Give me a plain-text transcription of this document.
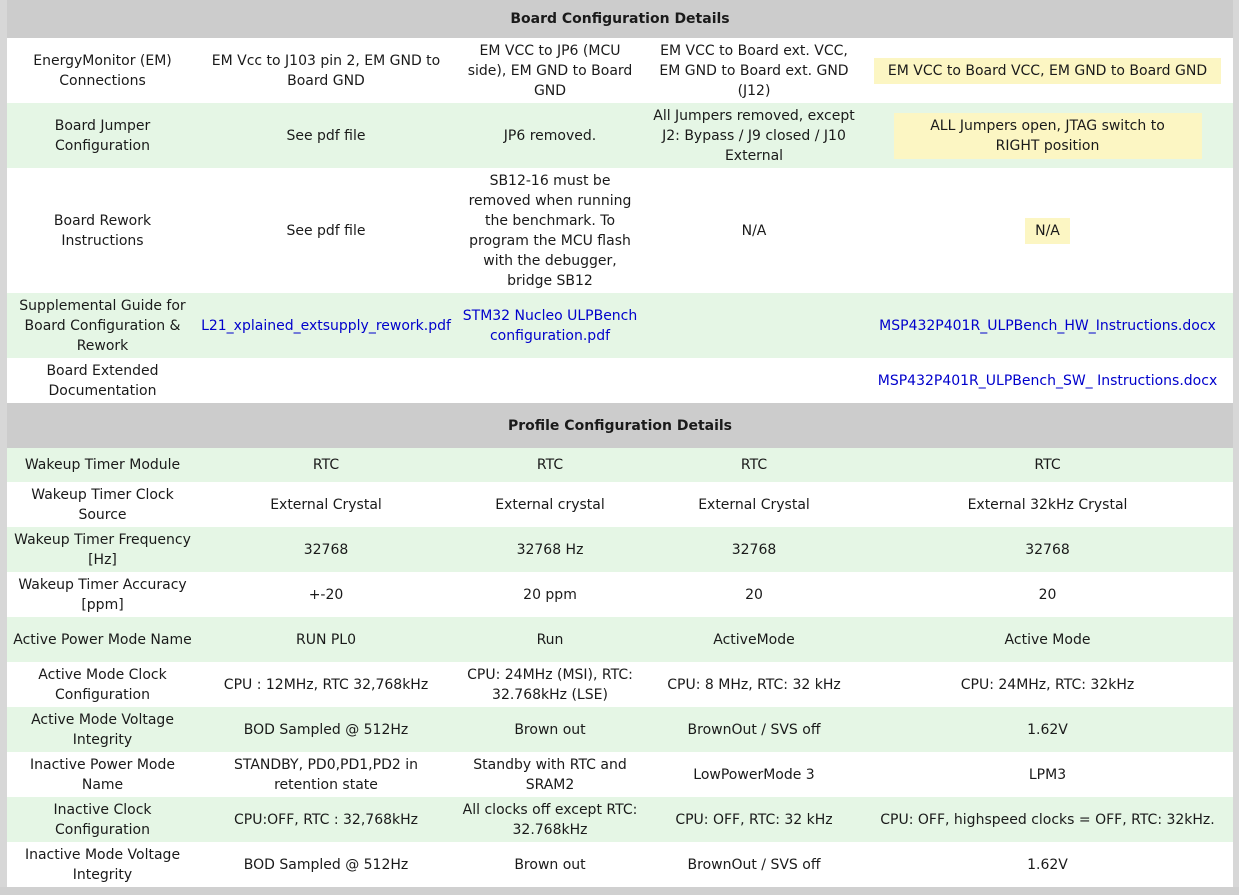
Board Configuration Details				
EnergyMonitor (EM) Connections	EM Vcc to J103 pin 2, EM GND to Board GND	EM VCC to JP6 (MCU side), EM GND to Board GND	EM VCC to Board ext. VCC, EM GND to Board ext. GND (J12)	EM VCC to Board VCC, EM GND to Board GND
Board Jumper Configuration	See pdf file	JP6 removed.	All Jumpers removed, except J2: Bypass / J9 closed / J10 External	ALL Jumpers open, JTAG switch to RIGHT position
Board Rework Instructions	See pdf file	SB12-16 must be removed when running the benchmark. To program the MCU flash with the debugger, bridge SB12	N/A	N/A
Supplemental Guide for Board Configuration & Rework	L21_xplained_extsupply_rework.pdf	STM32 Nucleo ULPBench configuration.pdf		MSP432P401R_ULPBench_HW_Instructions.docx
Board Extended Documentation				MSP432P401R_ULPBench_SW_ Instructions.docx
Profile Configuration Details				
Wakeup Timer Module	RTC	RTC	RTC	RTC
Wakeup Timer Clock Source	External Crystal	External crystal	External Crystal	External 32kHz Crystal
Wakeup Timer Frequency [Hz]	32768	32768 Hz	32768	32768
Wakeup Timer Accuracy [ppm]	+-20	20 ppm	20	20
Active Power Mode Name	RUN PL0	Run	ActiveMode	Active Mode
Active Mode Clock Configuration	CPU : 12MHz, RTC 32,768kHz	CPU: 24MHz (MSI), RTC: 32.768kHz (LSE)	CPU: 8 MHz, RTC: 32 kHz	CPU: 24MHz, RTC: 32kHz
Active Mode Voltage Integrity	BOD Sampled @ 512Hz	Brown out	BrownOut / SVS off	1.62V
Inactive Power Mode Name	STANDBY, PD0,PD1,PD2 in retention state	Standby with RTC and SRAM2	LowPowerMode 3	LPM3
Inactive Clock Configuration	CPU:OFF, RTC : 32,768kHz	All clocks off except RTC: 32.768kHz	CPU: OFF, RTC: 32 kHz	CPU: OFF, highspeed clocks = OFF, RTC: 32kHz.
Inactive Mode Voltage Integrity	BOD Sampled @ 512Hz	Brown out	BrownOut / SVS off	1.62V
